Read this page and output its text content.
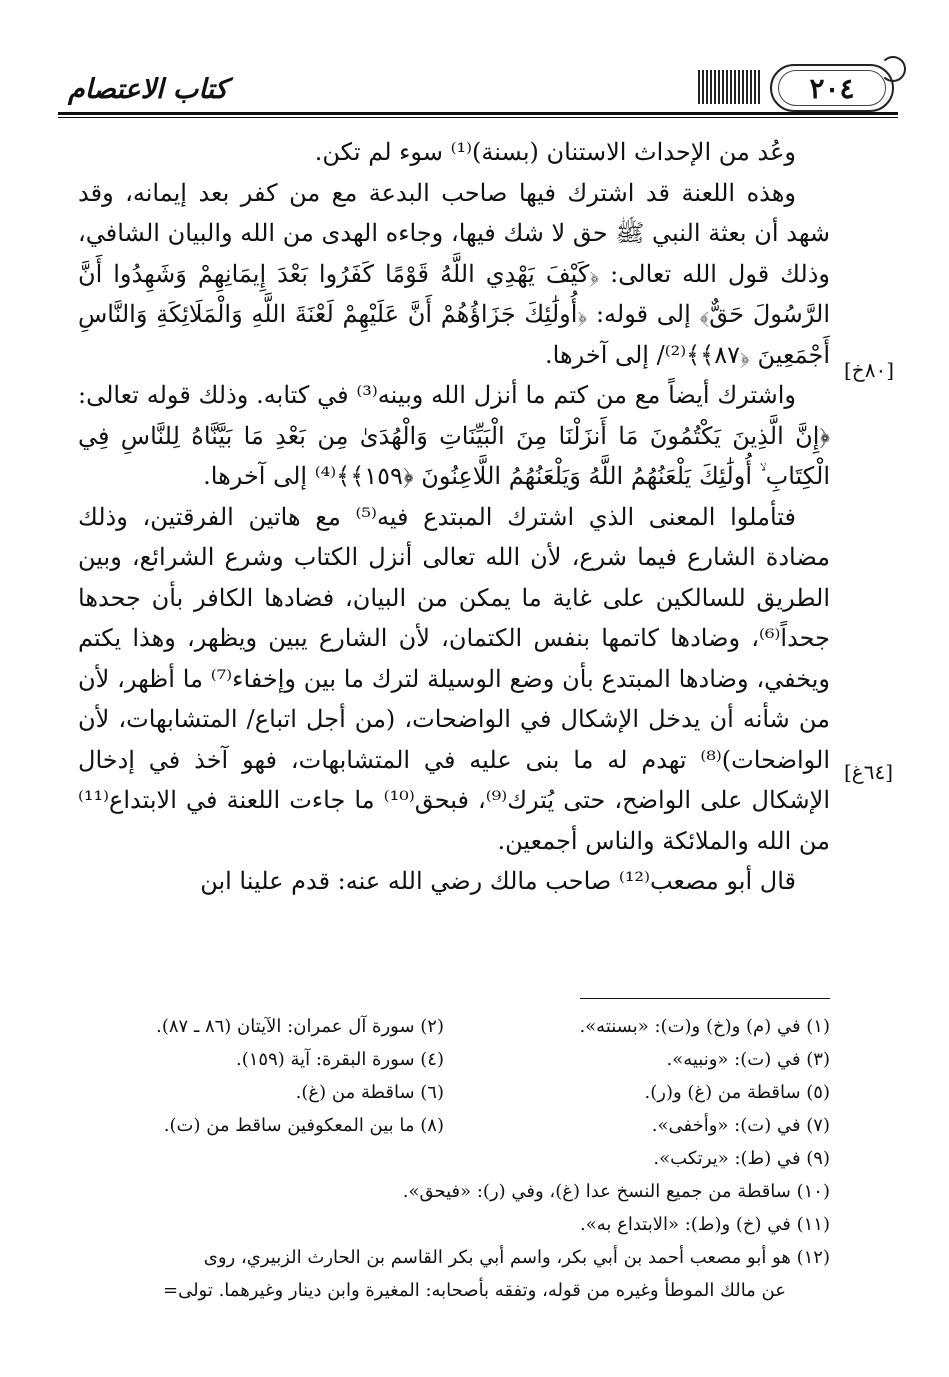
كتاب الاعتصام	٢٠٤
[٨٠خ]
[٦٤غ]

وعُد من الإحداث الاستنان (بسنة)⁽¹⁾ سوء لم تكن.

وهذه اللعنة قد اشترك فيها صاحب البدعة مع من كفر بعد إيمانه، وقد شهد أن بعثة النبي ﷺ حق لا شك فيها، وجاءه الهدى من الله والبيان الشافي، وذلك قول الله تعالى: ﴿كَيْفَ يَهْدِي اللَّهُ قَوْمًا كَفَرُوا بَعْدَ إِيمَانِهِمْ وَشَهِدُوا أَنَّ الرَّسُولَ حَقٌّ﴾ إلى قوله: ﴿أُولَٰئِكَ جَزَاؤُهُمْ أَنَّ عَلَيْهِمْ لَعْنَةَ اللَّهِ وَالْمَلَائِكَةِ وَالنَّاسِ أَجْمَعِينَ ﴿٨٧﴾﴾⁽²⁾/ إلى آخرها.

واشترك أيضاً مع من كتم ما أنزل الله وبينه⁽³⁾ في كتابه. وذلك قوله تعالى: ﴿إِنَّ الَّذِينَ يَكْتُمُونَ مَا أَنزَلْنَا مِنَ الْبَيِّنَاتِ وَالْهُدَىٰ مِن بَعْدِ مَا بَيَّنَّاهُ لِلنَّاسِ فِي الْكِتَابِ ۙ أُولَٰئِكَ يَلْعَنُهُمُ اللَّهُ وَيَلْعَنُهُمُ اللَّاعِنُونَ ﴿١٥٩﴾﴾⁽⁴⁾ إلى آخرها.

فتأملوا المعنى الذي اشترك المبتدع فيه⁽⁵⁾ مع هاتين الفرقتين، وذلك مضادة الشارع فيما شرع، لأن الله تعالى أنزل الكتاب وشرع الشرائع، وبين الطريق للسالكين على غاية ما يمكن من البيان، فضادها الكافر بأن جحدها جحداً⁽⁶⁾، وضادها كاتمها بنفس الكتمان، لأن الشارع يبين ويظهر، وهذا يكتم ويخفي، وضادها المبتدع بأن وضع الوسيلة لترك ما بين وإخفاء⁽⁷⁾ ما أظهر، لأن من شأنه أن يدخل الإشكال في الواضحات، (من أجل اتباع/ المتشابهات، لأن الواضحات)⁽⁸⁾ تهدم له ما بنى عليه في المتشابهات، فهو آخذ في إدخال الإشكال على الواضح، حتى يُترك⁽⁹⁾، فبحق⁽¹⁰⁾ ما جاءت اللعنة في الابتداع⁽¹¹⁾ من الله والملائكة والناس أجمعين.

قال أبو مصعب⁽¹²⁾ صاحب مالك رضي الله عنه: قدم علينا ابن

(١) في (م) و(خ) و(ت): «بسنته».
(٢) سورة آل عمران: الآيتان (٨٦ ـ ٨٧).
(٣) في (ت): «ونبيه».
(٤) سورة البقرة: آية (١٥٩).
(٥) ساقطة من (غ) و(ر).
(٦) ساقطة من (غ).
(٧) في (ت): «وأخفى».
(٨) ما بين المعكوفين ساقط من (ت).
(٩) في (ط): «يرتكب».
(١٠) ساقطة من جميع النسخ عدا (غ)، وفي (ر): «فيحق».
(١١) في (خ) و(ط): «الابتداع به».
(١٢) هو أبو مصعب أحمد بن أبي بكر، واسم أبي بكر القاسم بن الحارث الزبيري، روى
عن مالك الموطأ وغيره من قوله، وتفقه بأصحابه: المغيرة وابن دينار وغيرهما. تولى=
